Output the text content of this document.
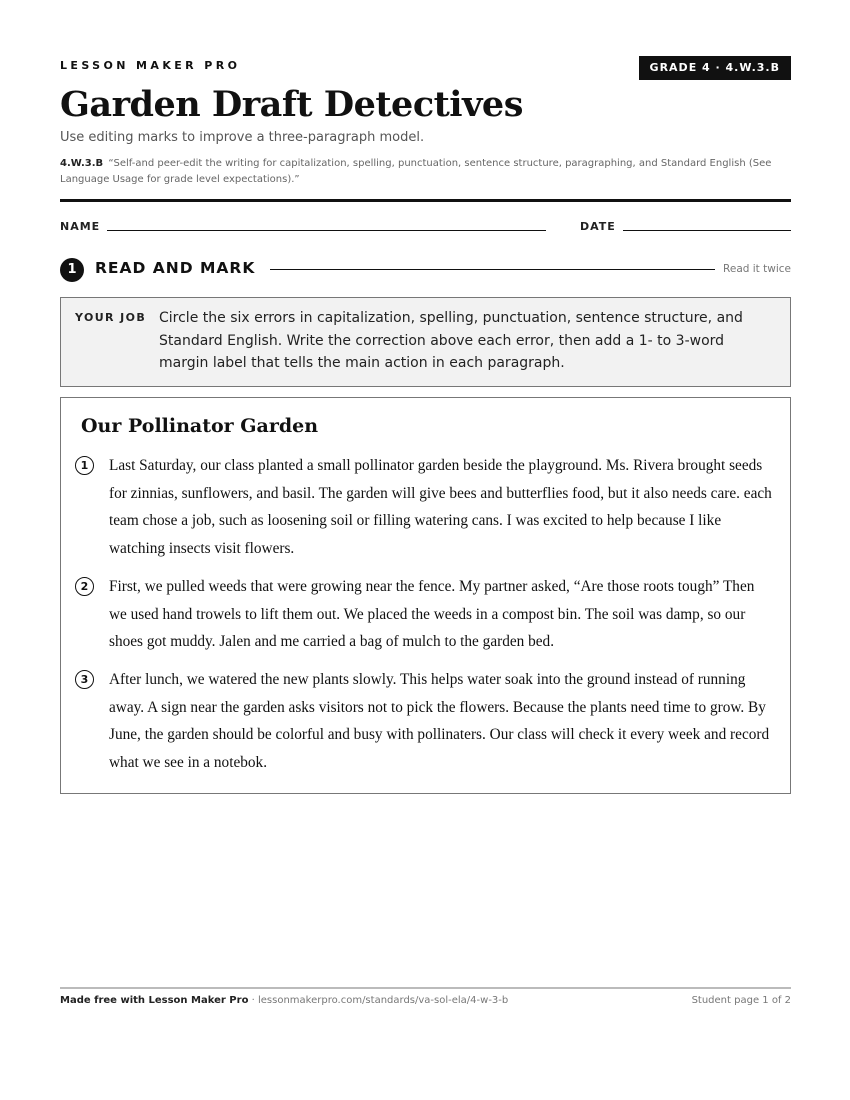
LESSON MAKER PRO	GRADE 4 · 4.W.3.B
Garden Draft Detectives
Use editing marks to improve a three-paragraph model.
4.W.3.B “Self-and peer-edit the writing for capitalization, spelling, punctuation, sentence structure, paragraphing, and Standard English (See Language Usage for grade level expectations).”
NAME	DATE
1	READ AND MARK	Read it twice
YOUR JOB Circle the six errors in capitalization, spelling, punctuation, sentence structure, and Standard English. Write the correction above each error, then add a 1- to 3-word margin label that tells the main action in each paragraph.
Our Pollinator Garden
1	Last Saturday, our class planted a small pollinator garden beside the playground. Ms. Rivera brought seeds for zinnias, sunflowers, and basil. The garden will give bees and butterflies food, but it also needs care. each team chose a job, such as loosening soil or filling watering cans. I was excited to help because I like watching insects visit flowers.
2	First, we pulled weeds that were growing near the fence. My partner asked, “Are those roots tough” Then we used hand trowels to lift them out. We placed the weeds in a compost bin. The soil was damp, so our shoes got muddy. Jalen and me carried a bag of mulch to the garden bed.
3	After lunch, we watered the new plants slowly. This helps water soak into the ground instead of running away. A sign near the garden asks visitors not to pick the flowers. Because the plants need time to grow. By June, the garden should be colorful and busy with pollinaters. Our class will check it every week and record what we see in a notebok.
Made free with Lesson Maker Pro · lessonmakerpro.com/standards/va-sol-ela/4-w-3-b	Student page 1 of 2
